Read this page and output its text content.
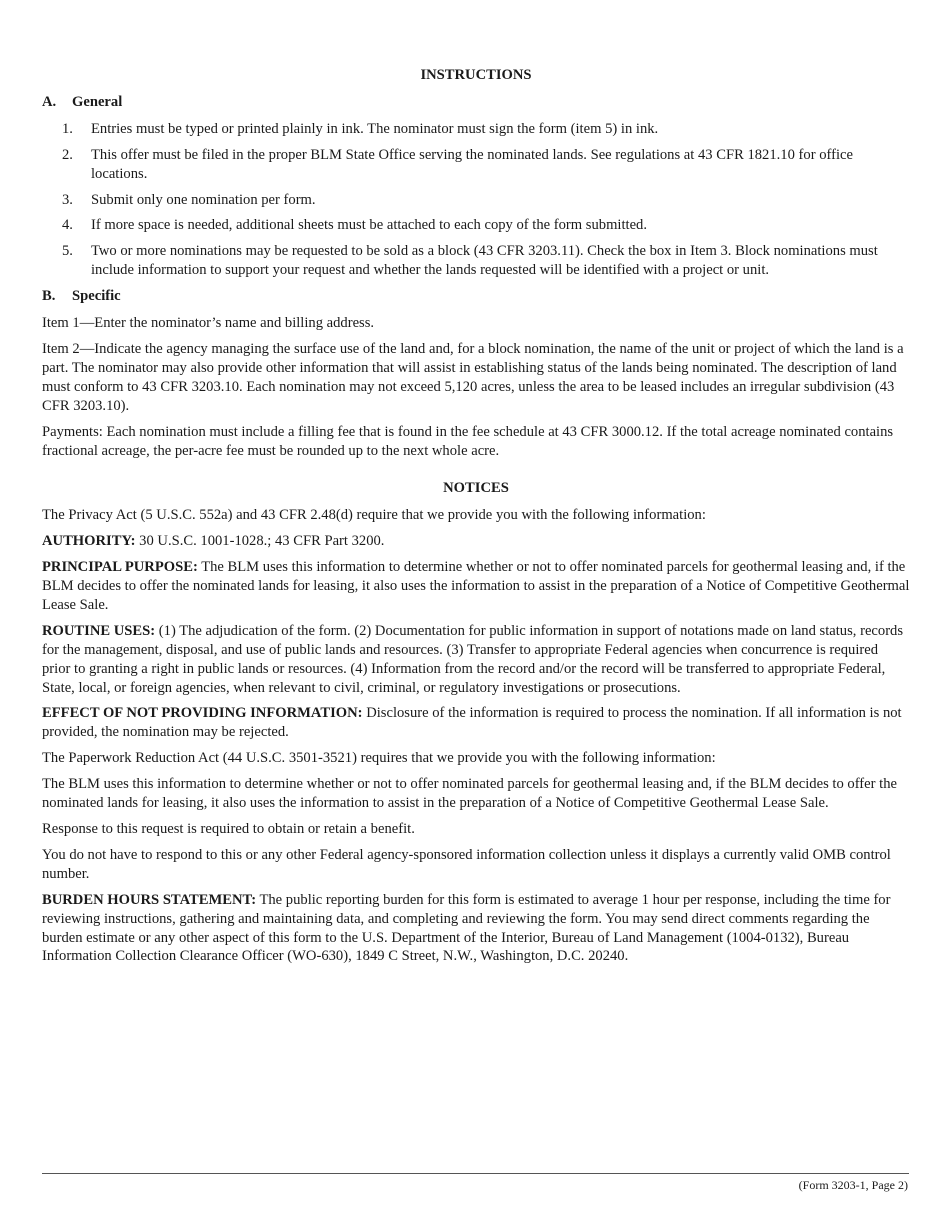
INSTRUCTIONS
A. General
1. Entries must be typed or printed plainly in ink. The nominator must sign the form (item 5) in ink.
2. This offer must be filed in the proper BLM State Office serving the nominated lands. See regulations at 43 CFR 1821.10 for office locations.
3. Submit only one nomination per form.
4. If more space is needed, additional sheets must be attached to each copy of the form submitted.
5. Two or more nominations may be requested to be sold as a block (43 CFR 3203.11). Check the box in Item 3. Block nominations must include information to support your request and whether the lands requested will be identified with a project or unit.
B. Specific

Item 1—Enter the nominator’s name and billing address.

Item 2—Indicate the agency managing the surface use of the land and, for a block nomination, the name of the unit or project of which the land is a part. The nominator may also provide other information that will assist in establishing status of the lands being nominated. The description of land must conform to 43 CFR 3203.10. Each nomination may not exceed 5,120 acres, unless the area to be leased includes an irregular subdivision (43 CFR 3203.10).

Payments: Each nomination must include a filling fee that is found in the fee schedule at 43 CFR 3000.12. If the total acreage nominated contains fractional acreage, the per-acre fee must be rounded up to the next whole acre.

NOTICES

The Privacy Act (5 U.S.C. 552a) and 43 CFR 2.48(d) require that we provide you with the following information:

AUTHORITY: 30 U.S.C. 1001-1028.; 43 CFR Part 3200.

PRINCIPAL PURPOSE: The BLM uses this information to determine whether or not to offer nominated parcels for geothermal leasing and, if the BLM decides to offer the nominated lands for leasing, it also uses the information to assist in the preparation of a Notice of Competitive Geothermal Lease Sale.

ROUTINE USES: (1) The adjudication of the form. (2) Documentation for public information in support of notations made on land status, records for the management, disposal, and use of public lands and resources. (3) Transfer to appropriate Federal agencies when concurrence is required prior to granting a right in public lands or resources. (4) Information from the record and/or the record will be transferred to appropriate Federal, State, local, or foreign agencies, when relevant to civil, criminal, or regulatory investigations or prosecutions.

EFFECT OF NOT PROVIDING INFORMATION: Disclosure of the information is required to process the nomination. If all information is not provided, the nomination may be rejected.

The Paperwork Reduction Act (44 U.S.C. 3501-3521) requires that we provide you with the following information:

The BLM uses this information to determine whether or not to offer nominated parcels for geothermal leasing and, if the BLM decides to offer the nominated lands for leasing, it also uses the information to assist in the preparation of a Notice of Competitive Geothermal Lease Sale.

Response to this request is required to obtain or retain a benefit.

You do not have to respond to this or any other Federal agency-sponsored information collection unless it displays a currently valid OMB control number.

BURDEN HOURS STATEMENT: The public reporting burden for this form is estimated to average 1 hour per response, including the time for reviewing instructions, gathering and maintaining data, and completing and reviewing the form. You may send direct comments regarding the burden estimate or any other aspect of this form to the U.S. Department of the Interior, Bureau of Land Management (1004-0132), Bureau Information Collection Clearance Officer (WO-630), 1849 C Street, N.W., Washington, D.C. 20240.

(Form 3203-1, Page 2)
